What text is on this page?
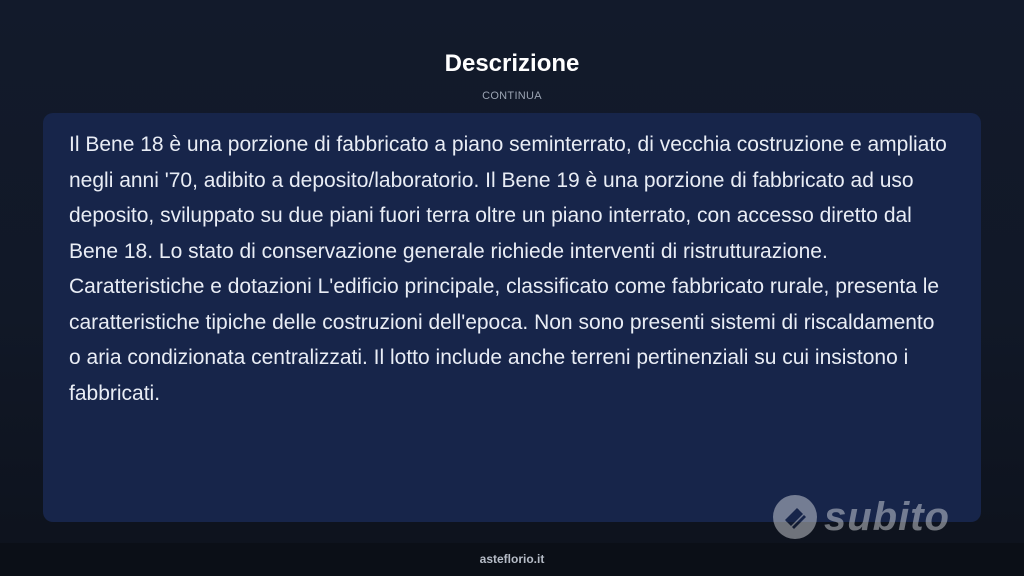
Descrizione
CONTINUA

Il Bene 18 è una porzione di fabbricato a piano seminterrato, di vecchia costruzione e ampliato negli anni '70, adibito a deposito/laboratorio. Il Bene 19 è una porzione di fabbricato ad uso deposito, sviluppato su due piani fuori terra oltre un piano interrato, con accesso diretto dal Bene 18. Lo stato di conservazione generale richiede interventi di ristrutturazione. Caratteristiche e dotazioni L'edificio principale, classificato come fabbricato rurale, presenta le caratteristiche tipiche delle costruzioni dell'epoca. Non sono presenti sistemi di riscaldamento o aria condizionata centralizzati. Il lotto include anche terreni pertinenziali su cui insistono i fabbricati.

subito
asteflorio.it
